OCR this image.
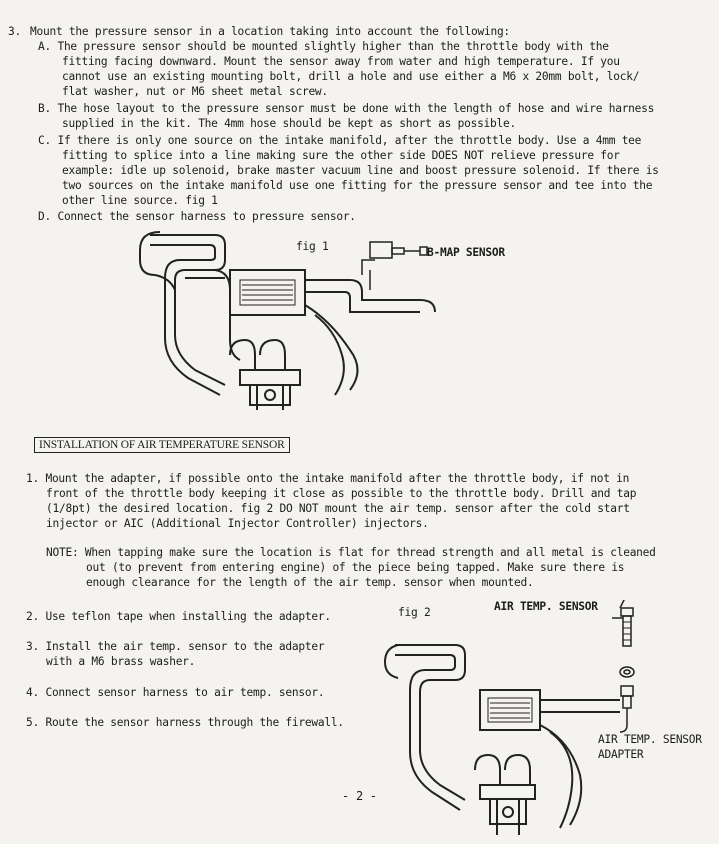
3. Mount the pressure sensor in a location taking into account the following:
A. The pressure sensor should be mounted slightly higher than the throttle body with the
fitting facing downward. Mount the sensor away from water and high temperature. If you
cannot use an existing mounting bolt, drill a hole and use either a M6 x 20mm bolt, lock/
flat washer, nut or M6 sheet metal screw.
B. The hose layout to the pressure sensor must be done with the length of hose and wire harness
supplied in the kit. The 4mm hose should be kept as short as possible.
C. If there is only one source on the intake manifold, after the throttle body. Use a 4mm tee
fitting to splice into a line making sure the other side DOES NOT relieve pressure for
example: idle up solenoid, brake master vacuum line and boost pressure solenoid. If there is
two sources on the intake manifold use one fitting for the pressure sensor and tee into the
other line source. fig 1
D. Connect the sensor harness to pressure sensor.
fig 1	B-MAP SENSOR
INSTALLATION OF AIR TEMPERATURE SENSOR
1. Mount the adapter, if possible onto the intake manifold after the throttle body, if not in
front of the throttle body keeping it close as possible to the throttle body. Drill and tap
(1/8pt) the desired location. fig 2 DO NOT mount the air temp. sensor after the cold start
injector or AIC (Additional Injector Controller) injectors.
NOTE: When tapping make sure the location is flat for thread strength and all metal is cleaned
out (to prevent from entering engine) of the piece being tapped. Make sure there is
enough clearance for the length of the air temp. sensor when mounted.
2. Use teflon tape when installing the adapter.
3. Install the air temp. sensor to the adapter
with a M6 brass washer.
4. Connect sensor harness to air temp. sensor.
5. Route the sensor harness through the firewall.
fig 2	AIR TEMP. SENSOR
AIR TEMP. SENSOR
ADAPTER
- 2 -
